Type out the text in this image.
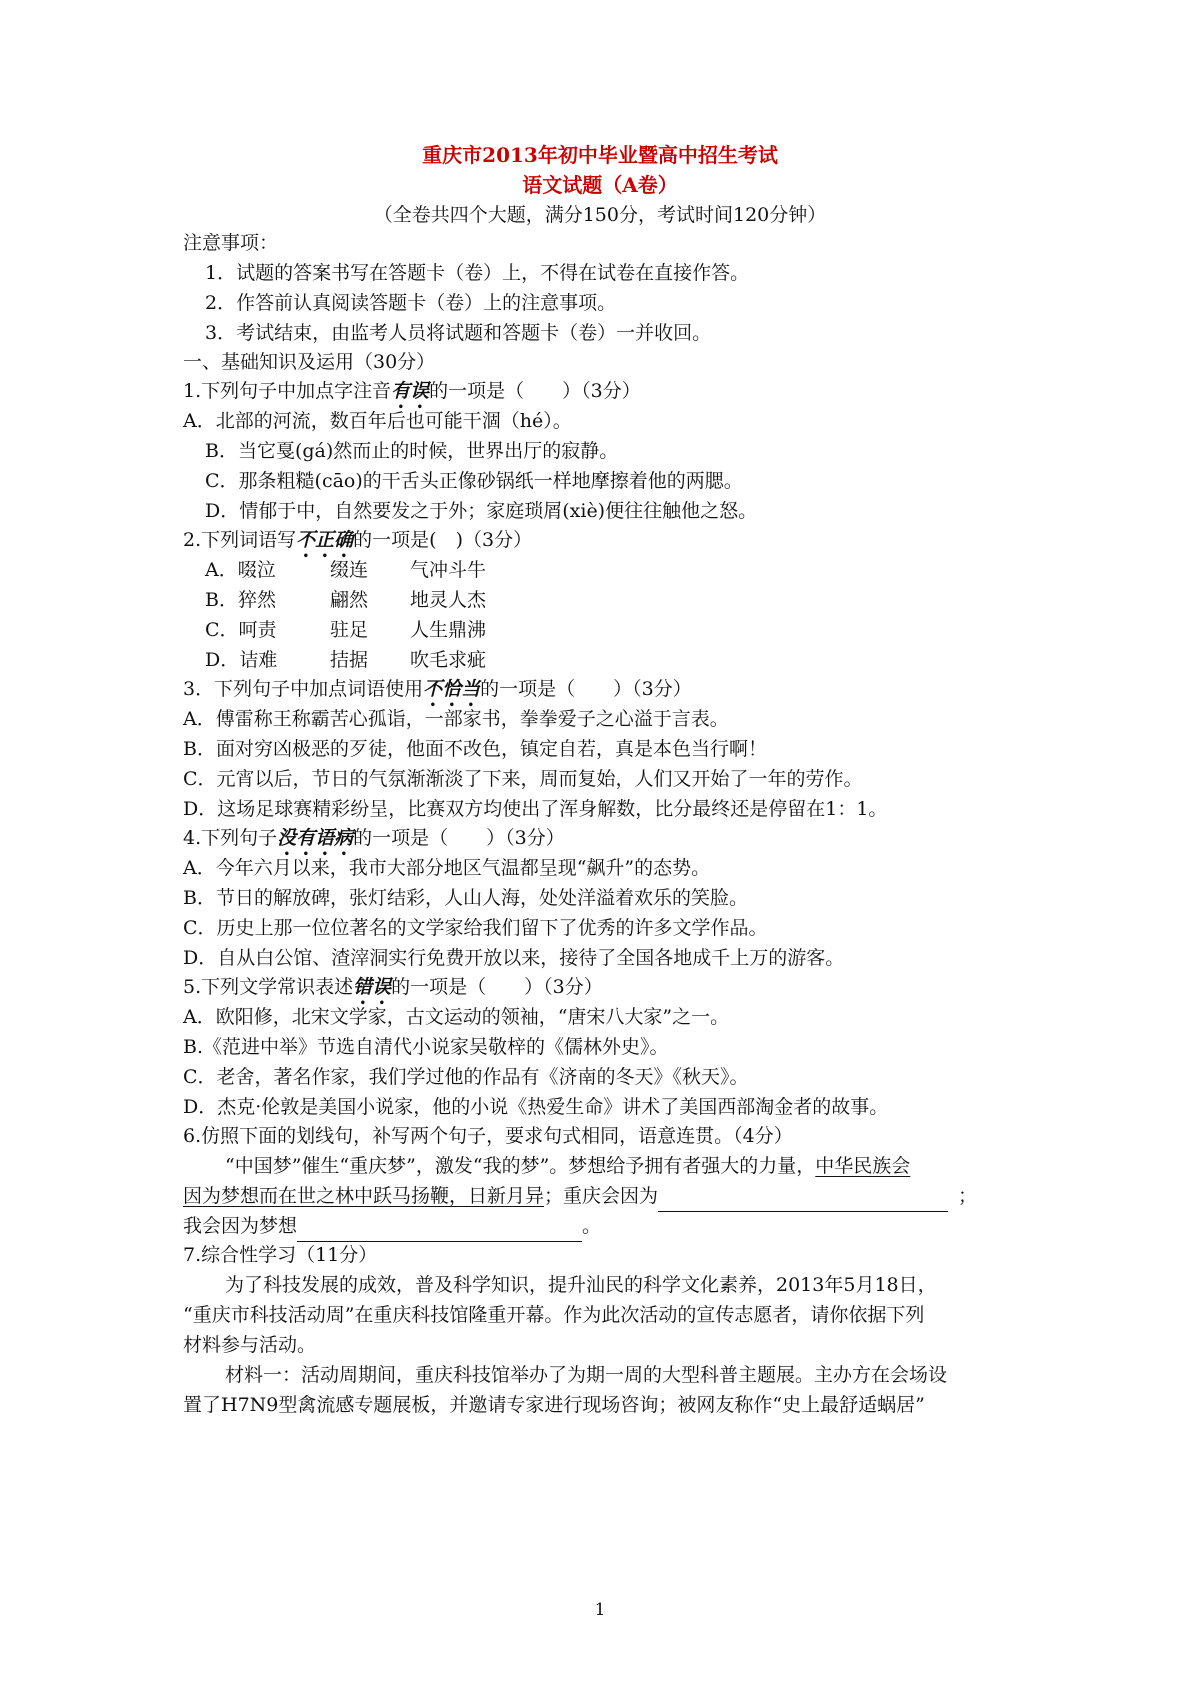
重庆市2013年初中毕业暨高中招生考试
语文试题（A卷）
（全卷共四个大题，满分150分，考试时间120分钟）
注意事项：
1．试题的答案书写在答题卡（卷）上，不得在试卷在直接作答。
2．作答前认真阅读答题卡（卷）上的注意事项。
3．考试结束，由监考人员将试题和答题卡（卷）一并收回。
一、基础知识及运用（30分）
1.下列句子中加点字注音有误的一项是（　　）（3分）
A．北部的河流，数百年后也可能干涸（hé）。
B．当它戛(gá)然而止的时候，世界出厅的寂静。
C．那条粗糙(cāo)的干舌头正像砂锅纸一样地摩擦着他的两腮。
D．情郁于中，自然要发之于外；家庭琐屑(xiè)便往往触他之怒。
2.下列词语写不正确的一项是(　)（3分）
A．啜泣	缀连 气冲斗牛
B．猝然	翩然 地灵人杰
C．呵责	驻足 人生鼎沸
D．诘难	拮据 吹毛求疵
3．下列句子中加点词语使用不恰当的一项是（　　）（3分）
A．傅雷称王称霸苦心孤诣，一部家书，拳拳爱子之心溢于言表。
B．面对穷凶极恶的歹徒，他面不改色，镇定自若，真是本色当行啊！
C．元宵以后，节日的气氛渐渐淡了下来，周而复始，人们又开始了一年的劳作。
D．这场足球赛精彩纷呈，比赛双方均使出了浑身解数，比分最终还是停留在1：1。
4.下列句子没有语病的一项是（　　）（3分）
A．今年六月以来，我市大部分地区气温都呈现“飙升”的态势。
B．节日的解放碑，张灯结彩，人山人海，处处洋溢着欢乐的笑脸。
C．历史上那一位位著名的文学家给我们留下了优秀的许多文学作品。
D．自从白公馆、渣滓洞实行免费开放以来，接待了全国各地成千上万的游客。
5.下列文学常识表述错误的一项是（　　）（3分）
A．欧阳修，北宋文学家，古文运动的领袖，“唐宋八大家”之一。
B.《范进中举》节选自清代小说家吴敬梓的《儒林外史》。
C．老舍，著名作家，我们学过他的作品有《济南的冬天》《秋天》。
D．杰克·伦敦是美国小说家，他的小说《热爱生命》讲术了美国西部淘金者的故事。
6.仿照下面的划线句，补写两个句子，要求句式相同，语意连贯。（4分）
“中国梦”催生“重庆梦”，激发“我的梦”。梦想给予拥有者强大的力量，中华民族会
因为梦想而在世之林中跃马扬鞭，日新月异；重庆会因为	；
我会因为梦想	。
7.综合性学习（11分）
为了科技发展的成效，普及科学知识，提升汕民的科学文化素养，2013年5月18日，
“重庆市科技活动周”在重庆科技馆隆重开幕。作为此次活动的宣传志愿者，请你依据下列
材料参与活动。
材料一：活动周期间，重庆科技馆举办了为期一周的大型科普主题展。主办方在会场设
置了H7N9型禽流感专题展板，并邀请专家进行现场咨询；被网友称作“史上最舒适蜗居”
1
